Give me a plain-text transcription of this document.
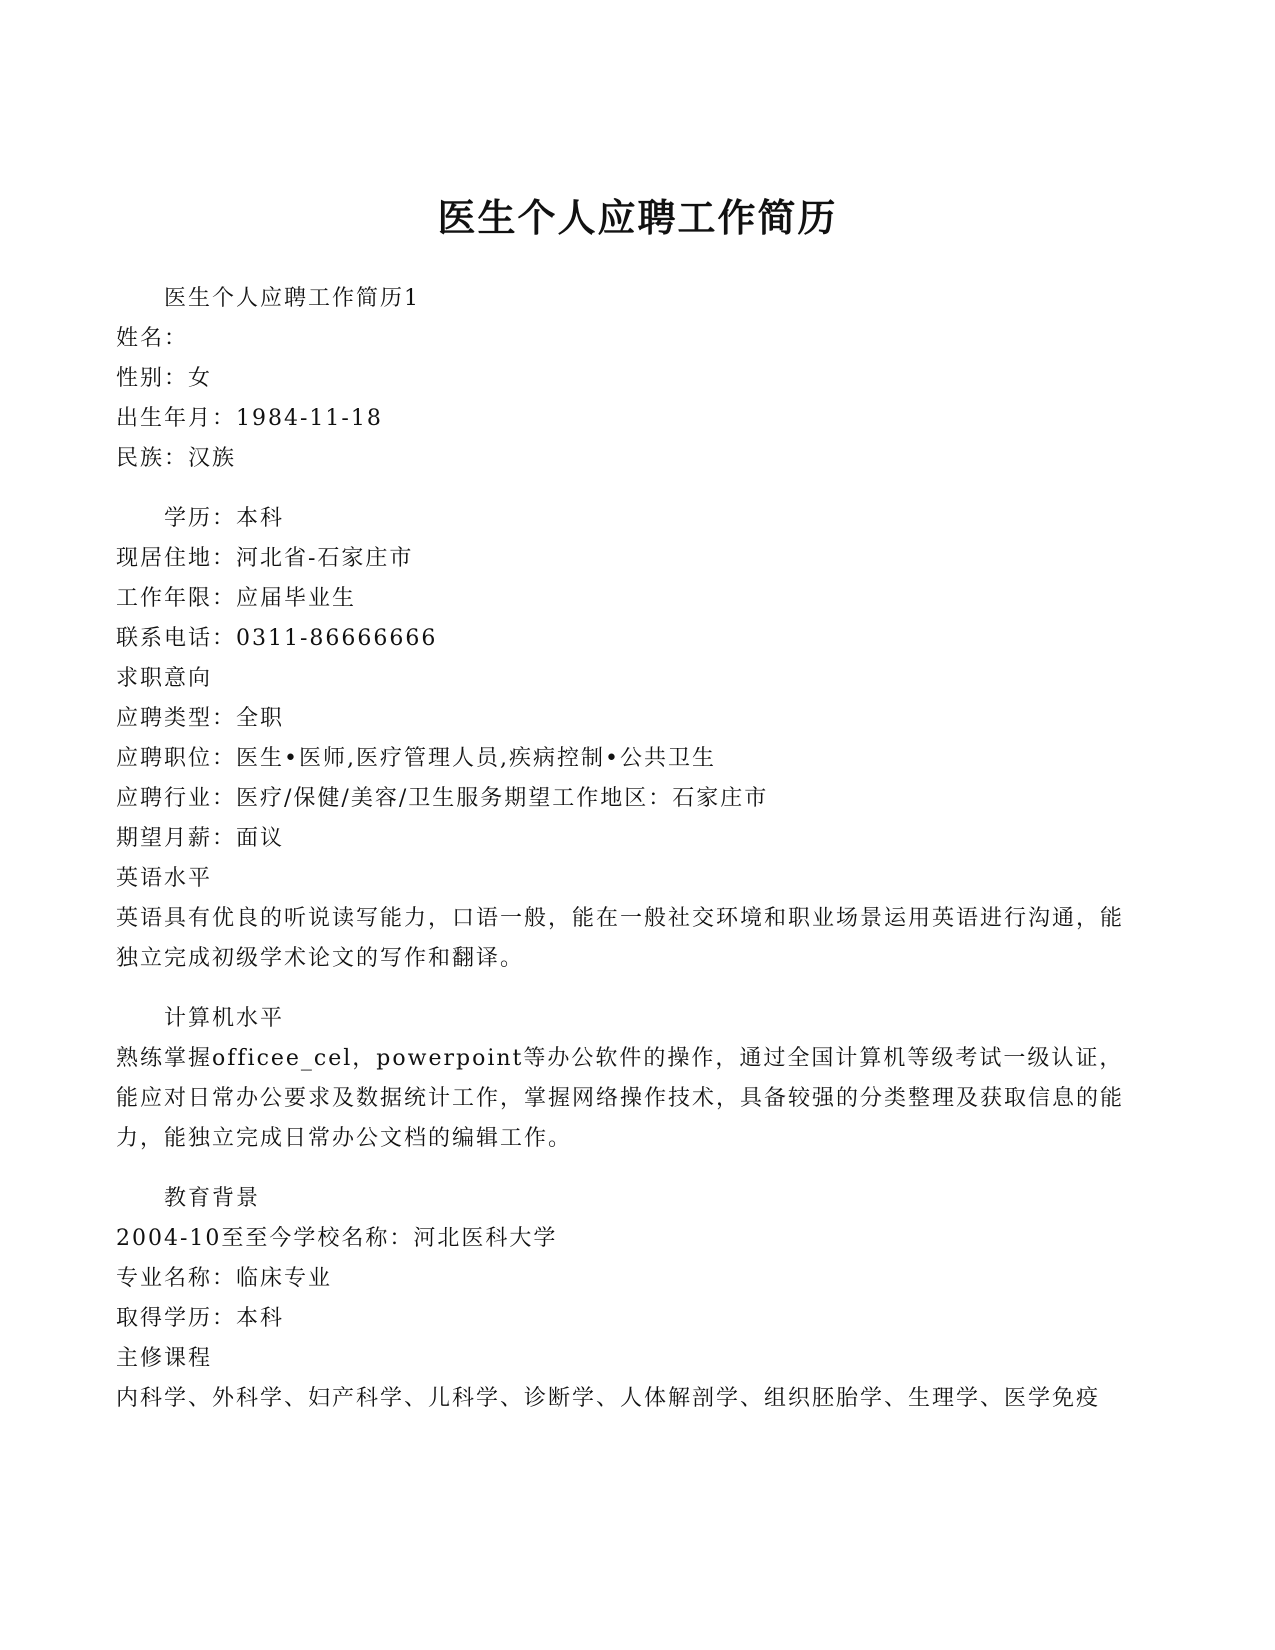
医生个人应聘工作简历

医生个人应聘工作简历1

姓名：

性别：女

出生年月：1984-11-18

民族：汉族

学历：本科

现居住地：河北省-石家庄市

工作年限：应届毕业生

联系电话：0311-86666666

求职意向

应聘类型：全职

应聘职位：医生•医师,医疗管理人员,疾病控制•公共卫生

应聘行业：医疗/保健/美容/卫生服务期望工作地区：石家庄市

期望月薪：面议

英语水平

英语具有优良的听说读写能力，口语一般，能在一般社交环境和职业场景运用英语进行沟通，能独立完成初级学术论文的写作和翻译。

计算机水平

熟练掌握officee_cel，powerpoint等办公软件的操作，通过全国计算机等级考试一级认证，能应对日常办公要求及数据统计工作，掌握网络操作技术，具备较强的分类整理及获取信息的能力，能独立完成日常办公文档的编辑工作。

教育背景

2004-10至至今学校名称：河北医科大学

专业名称：临床专业

取得学历：本科

主修课程

内科学、外科学、妇产科学、儿科学、诊断学、人体解剖学、组织胚胎学、生理学、医学免疫
